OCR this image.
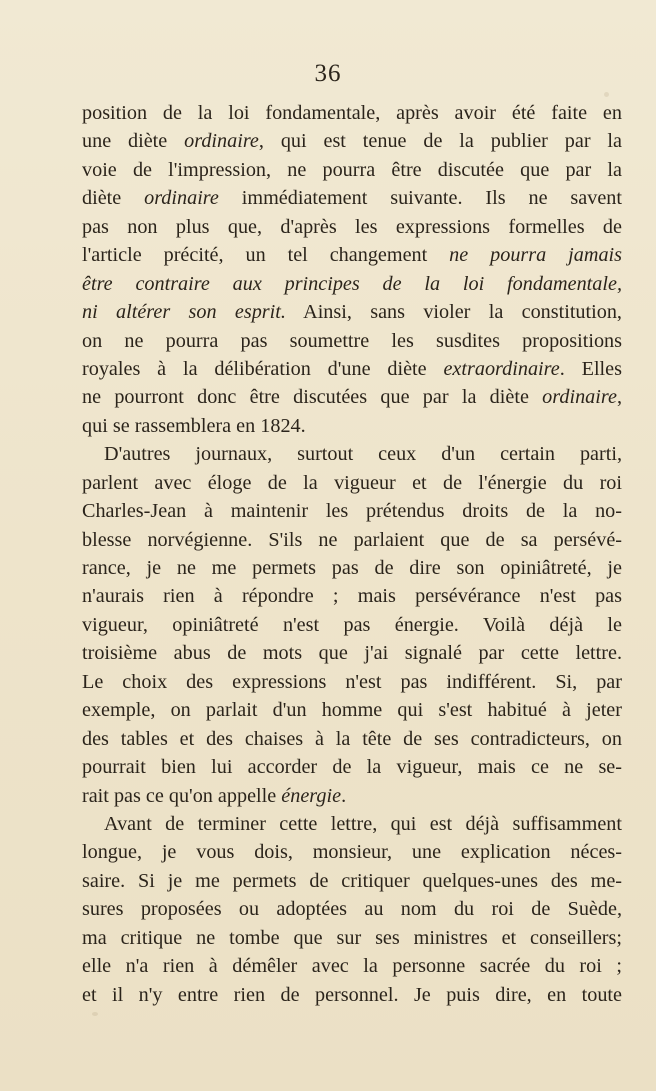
36
position de la loi fondamentale, après avoir été faite en
une diète ordinaire, qui est tenue de la publier par la
voie de l'impression, ne pourra être discutée que par la
diète ordinaire immédiatement suivante. Ils ne savent
pas non plus que, d'après les expressions formelles de
l'article précité, un tel changement ne pourra jamais
être contraire aux principes de la loi fondamentale,
ni altérer son esprit. Ainsi, sans violer la constitution,
on ne pourra pas soumettre les susdites propositions
royales à la délibération d'une diète extraordinaire. Elles
ne pourront donc être discutées que par la diète ordinaire,
qui se rassemblera en 1824.
D'autres journaux, surtout ceux d'un certain parti,
parlent avec éloge de la vigueur et de l'énergie du roi
Charles-Jean à maintenir les prétendus droits de la no-
blesse norvégienne. S'ils ne parlaient que de sa persévé-
rance, je ne me permets pas de dire son opiniâtreté, je
n'aurais rien à répondre ; mais persévérance n'est pas
vigueur, opiniâtreté n'est pas énergie. Voilà déjà le
troisième abus de mots que j'ai signalé par cette lettre.
Le choix des expressions n'est pas indifférent. Si, par
exemple, on parlait d'un homme qui s'est habitué à jeter
des tables et des chaises à la tête de ses contradicteurs, on
pourrait bien lui accorder de la vigueur, mais ce ne se-
rait pas ce qu'on appelle énergie.
Avant de terminer cette lettre, qui est déjà suffisamment
longue, je vous dois, monsieur, une explication néces-
saire. Si je me permets de critiquer quelques-unes des me-
sures proposées ou adoptées au nom du roi de Suède,
ma critique ne tombe que sur ses ministres et conseillers;
elle n'a rien à démêler avec la personne sacrée du roi ;
et il n'y entre rien de personnel. Je puis dire, en toute
